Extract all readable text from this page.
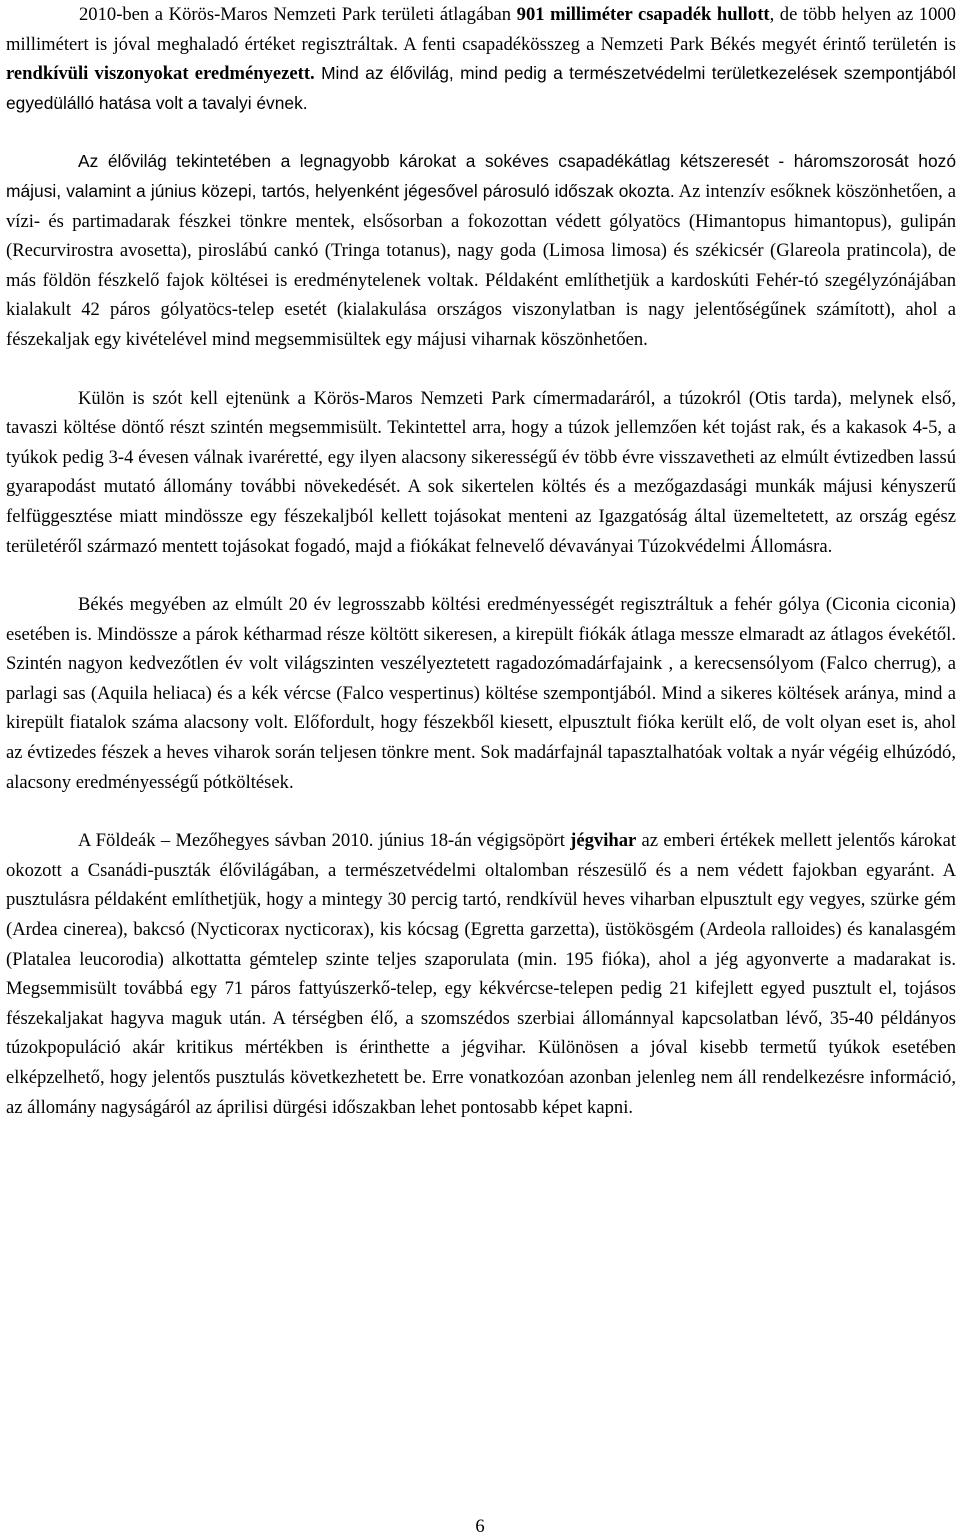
2010-ben a Körös-Maros Nemzeti Park területi átlagában 901 milliméter csapadék hullott, de több helyen az 1000 millimétert is jóval meghaladó értéket regisztráltak. A fenti csapadékösszeg a Nemzeti Park Békés megyét érintő területén is rendkívüli viszonyokat eredményezett. Mind az élővilág, mind pedig a természetvédelmi területkezelések szempontjából egyedülálló hatása volt a tavalyi évnek.

Az élővilág tekintetében a legnagyobb károkat a sokéves csapadékátlag kétszeresét - háromszorosát hozó májusi, valamint a június közepi, tartós, helyenként jégesővel párosuló időszak okozta. Az intenzív esőknek köszönhetően, a vízi- és partimadarak fészkei tönkre mentek, elsősorban a fokozottan védett gólyatöcs (Himantopus himantopus), gulipán (Recurvirostra avosetta), piroslábú cankó (Tringa totanus), nagy goda (Limosa limosa) és székicsér (Glareola pratincola), de más földön fészkelő fajok költései is eredménytelenek voltak. Példaként említhetjük a kardoskúti Fehér-tó szegélyzónájában kialakult 42 páros gólyatöcs-telep esetét (kialakulása országos viszonylatban is nagy jelentőségűnek számított), ahol a fészekaljak egy kivételével mind megsemmisültek egy májusi viharnak köszönhetően.

Külön is szót kell ejtenünk a Körös-Maros Nemzeti Park címermadaráról, a túzokról (Otis tarda), melynek első, tavaszi költése döntő részt szintén megsemmisült. Tekintettel arra, hogy a túzok jellemzően két tojást rak, és a kakasok 4-5, a tyúkok pedig 3-4 évesen válnak ivaréretté, egy ilyen alacsony sikerességű év több évre visszavetheti az elmúlt évtizedben lassú gyarapodást mutató állomány további növekedését. A sok sikertelen költés és a mezőgazdasági munkák májusi kényszerű felfüggesztése miatt mindössze egy fészekaljból kellett tojásokat menteni az Igazgatóság által üzemeltetett, az ország egész területéről származó mentett tojásokat fogadó, majd a fiókákat felnevelő dévaványai Túzokvédelmi Állomásra.

Békés megyében az elmúlt 20 év legrosszabb költési eredményességét regisztráltuk a fehér gólya (Ciconia ciconia) esetében is. Mindössze a párok kétharmad része költött sikeresen, a kirepült fiókák átlaga messze elmaradt az átlagos évekétől. Szintén nagyon kedvezőtlen év volt világszinten veszélyeztetett ragadozómadárfajaink , a kerecsensólyom (Falco cherrug), a parlagi sas (Aquila heliaca) és a kék vércse (Falco vespertinus) költése szempontjából. Mind a sikeres költések aránya, mind a kirepült fiatalok száma alacsony volt. Előfordult, hogy fészekből kiesett, elpusztult fióka került elő, de volt olyan eset is, ahol az évtizedes fészek a heves viharok során teljesen tönkre ment. Sok madárfajnál tapasztalhatóak voltak a nyár végéig elhúzódó, alacsony eredményességű pótköltések.

A Földeák – Mezőhegyes sávban 2010. június 18-án végigsöpört jégvihar az emberi értékek mellett jelentős károkat okozott a Csanádi-puszták élővilágában, a természetvédelmi oltalomban részesülő és a nem védett fajokban egyaránt. A pusztulásra példaként említhetjük, hogy a mintegy 30 percig tartó, rendkívül heves viharban elpusztult egy vegyes, szürke gém (Ardea cinerea), bakcsó (Nycticorax nycticorax), kis kócsag (Egretta garzetta), üstökösgém (Ardeola ralloides) és kanalasgém (Platalea leucorodia) alkottatta gémtelep szinte teljes szaporulata (min. 195 fióka), ahol a jég agyonverte a madarakat is. Megsemmisült továbbá egy 71 páros fattyúszerkő-telep, egy kékvércse-telepen pedig 21 kifejlett egyed pusztult el, tojásos fészekaljakat hagyva maguk után. A térségben élő, a szomszédos szerbiai állománnyal kapcsolatban lévő, 35-40 példányos túzokpopuláció akár kritikus mértékben is érinthette a jégvihar. Különösen a jóval kisebb termetű tyúkok esetében elképzelhető, hogy jelentős pusztulás következhetett be. Erre vonatkozóan azonban jelenleg nem áll rendelkezésre információ, az állomány nagyságáról az áprilisi dürgési időszakban lehet pontosabb képet kapni.

6
